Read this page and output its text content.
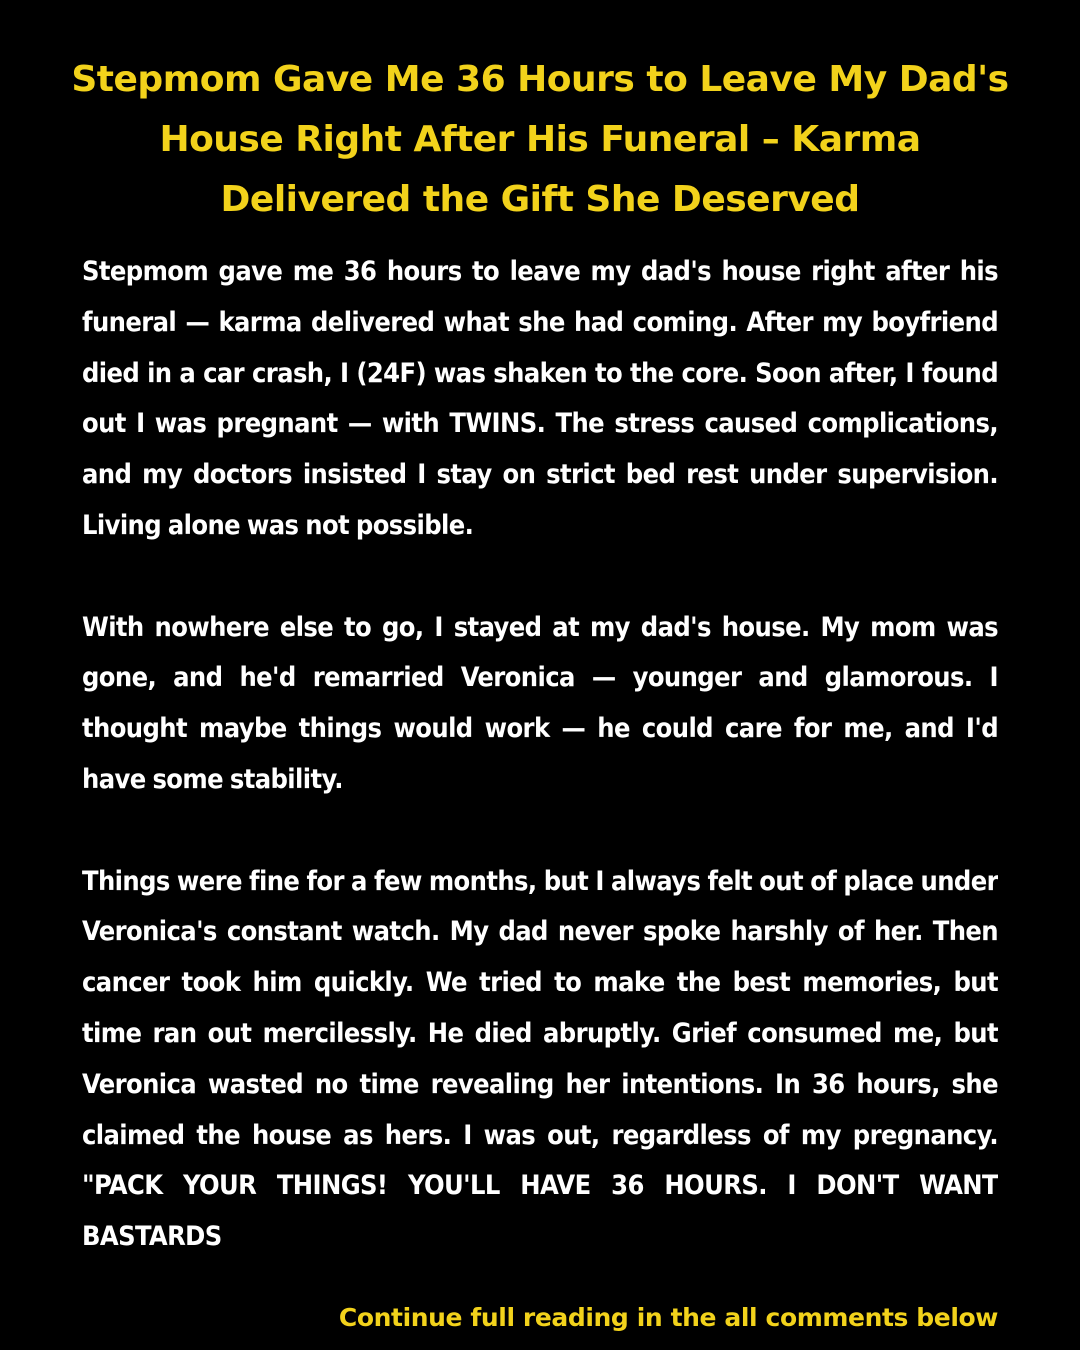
Stepmom Gave Me 36 Hours to Leave My Dad's House Right After His Funeral – Karma Delivered the Gift She Deserved

Stepmom gave me 36 hours to leave my dad's house right after his funeral — karma delivered what she had coming. After my boyfriend died in a car crash, I (24F) was shaken to the core. Soon after, I found out I was pregnant — with TWINS. The stress caused complications, and my doctors insisted I stay on strict bed rest under supervision. Living alone was not possible.

With nowhere else to go, I stayed at my dad's house. My mom was gone, and he'd remarried Veronica — younger and glamorous. I thought maybe things would work — he could care for me, and I'd have some stability.

Things were fine for a few months, but I always felt out of place under Veronica's constant watch. My dad never spoke harshly of her. Then cancer took him quickly. We tried to make the best memories, but time ran out mercilessly. He died abruptly. Grief consumed me, but Veronica wasted no time revealing her intentions. In 36 hours, she claimed the house as hers. I was out, regardless of my pregnancy. "PACK YOUR THINGS! YOU'LL HAVE 36 HOURS. I DON'T WANT BASTARDS

Continue full reading in the all comments below
